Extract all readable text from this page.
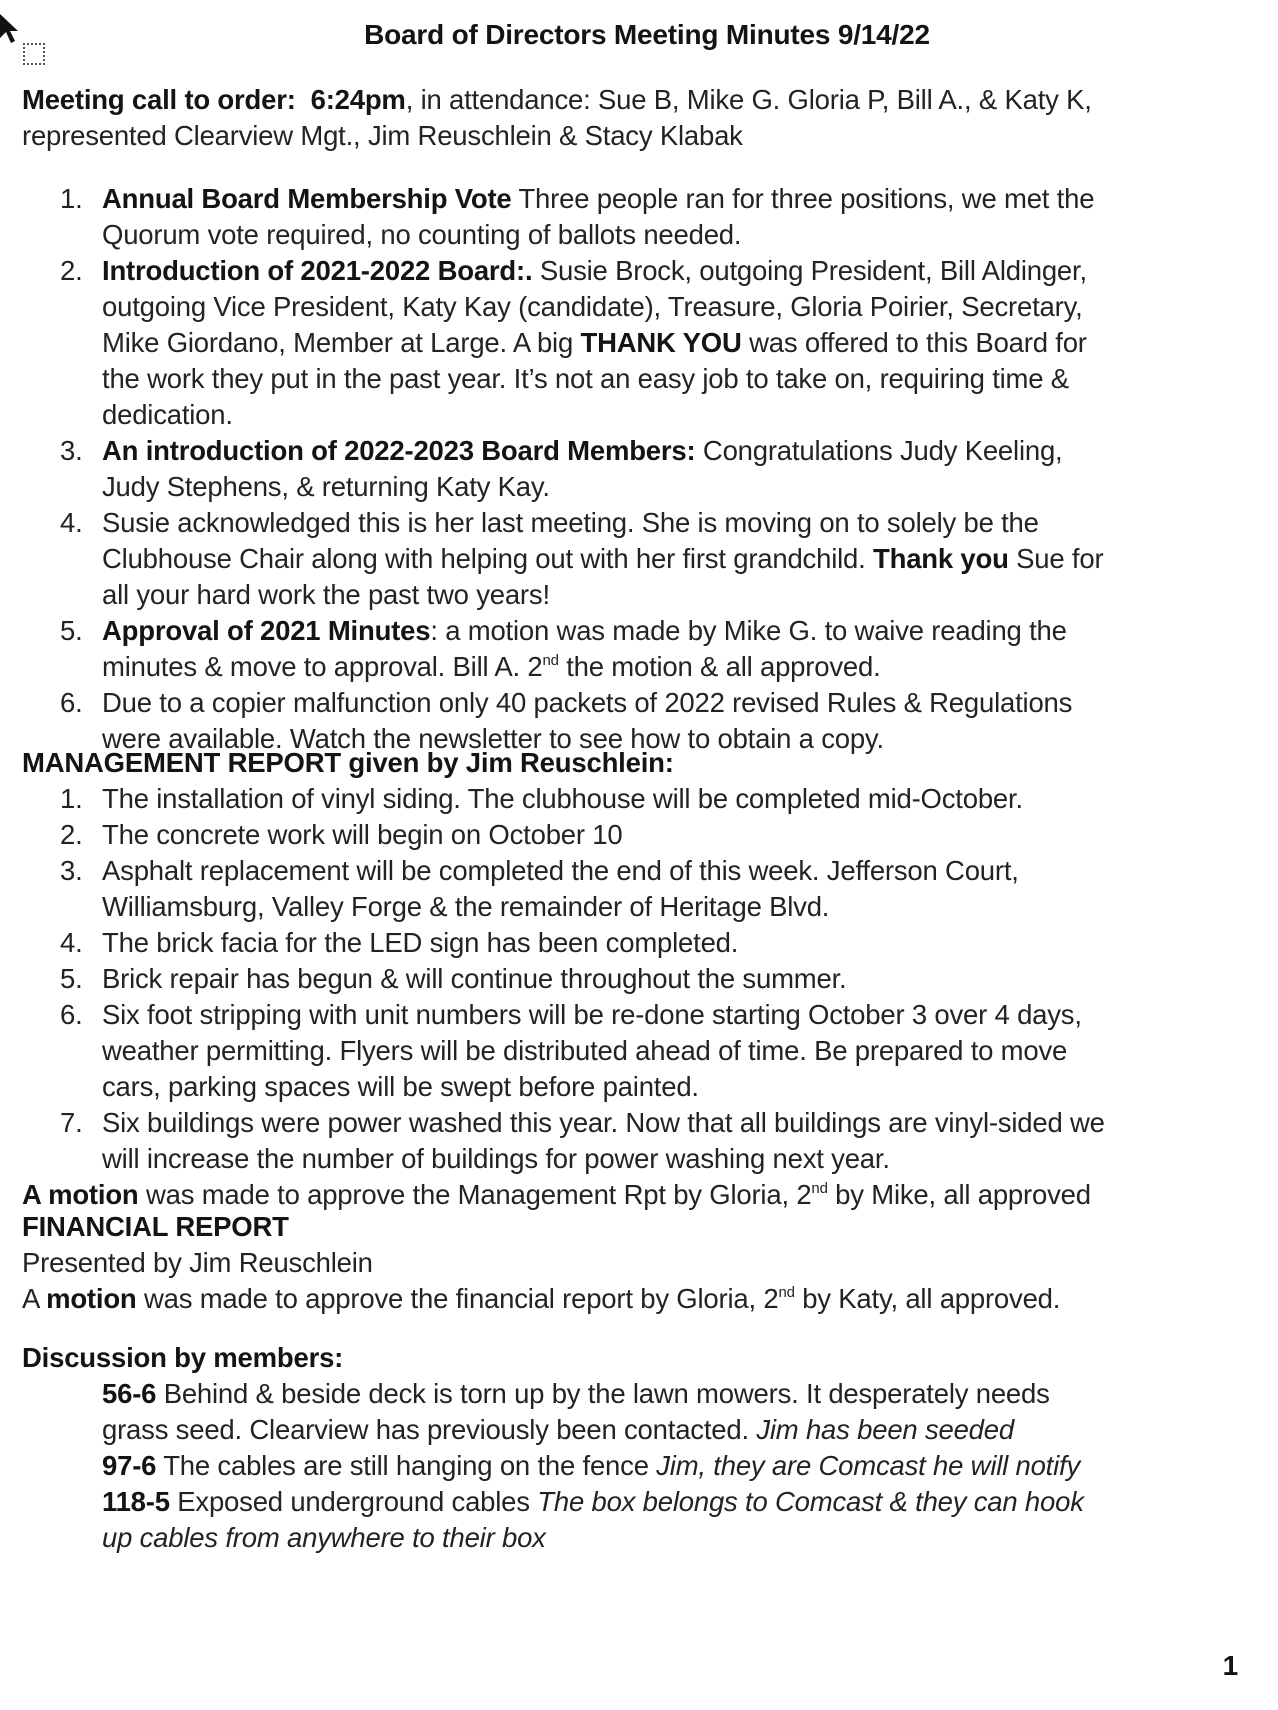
Board of Directors Meeting Minutes 9/14/22

Meeting call to order: 6:24pm, in attendance: Sue B, Mike G. Gloria P, Bill A., & Katy K,

represented Clearview Mgt., Jim Reuschlein & Stacy Klabak

1. Annual Board Membership Vote Three people ran for three positions, we met the
Quorum vote required, no counting of ballots needed.
2. Introduction of 2021-2022 Board:. Susie Brock, outgoing President, Bill Aldinger,
outgoing Vice President, Katy Kay (candidate), Treasure, Gloria Poirier, Secretary,
Mike Giordano, Member at Large. A big THANK YOU was offered to this Board for
the work they put in the past year. It’s not an easy job to take on, requiring time &
dedication.
3. An introduction of 2022-2023 Board Members: Congratulations Judy Keeling,
Judy Stephens, & returning Katy Kay.
4. Susie acknowledged this is her last meeting. She is moving on to solely be the
Clubhouse Chair along with helping out with her first grandchild. Thank you Sue for
all your hard work the past two years!
5. Approval of 2021 Minutes: a motion was made by Mike G. to waive reading the
minutes & move to approval. Bill A. 2nd the motion & all approved.
6. Due to a copier malfunction only 40 packets of 2022 revised Rules & Regulations
were available. Watch the newsletter to see how to obtain a copy.

MANAGEMENT REPORT given by Jim Reuschlein:

1. The installation of vinyl siding. The clubhouse will be completed mid-October.
2. The concrete work will begin on October 10
3. Asphalt replacement will be completed the end of this week. Jefferson Court,
Williamsburg, Valley Forge & the remainder of Heritage Blvd.
4. The brick facia for the LED sign has been completed.
5. Brick repair has begun & will continue throughout the summer.
6. Six foot stripping with unit numbers will be re-done starting October 3 over 4 days,
weather permitting. Flyers will be distributed ahead of time. Be prepared to move
cars, parking spaces will be swept before painted.
7. Six buildings were power washed this year. Now that all buildings are vinyl-sided we
will increase the number of buildings for power washing next year.

A motion was made to approve the Management Rpt by Gloria, 2nd by Mike, all approved

FINANCIAL REPORT

Presented by Jim Reuschlein

A motion was made to approve the financial report by Gloria, 2nd by Katy, all approved.

Discussion by members:

56-6 Behind & beside deck is torn up by the lawn mowers. It desperately needs
grass seed. Clearview has previously been contacted. Jim has been seeded
97-6 The cables are still hanging on the fence Jim, they are Comcast he will notify
118-5 Exposed underground cables The box belongs to Comcast & they can hook
up cables from anywhere to their box
1
